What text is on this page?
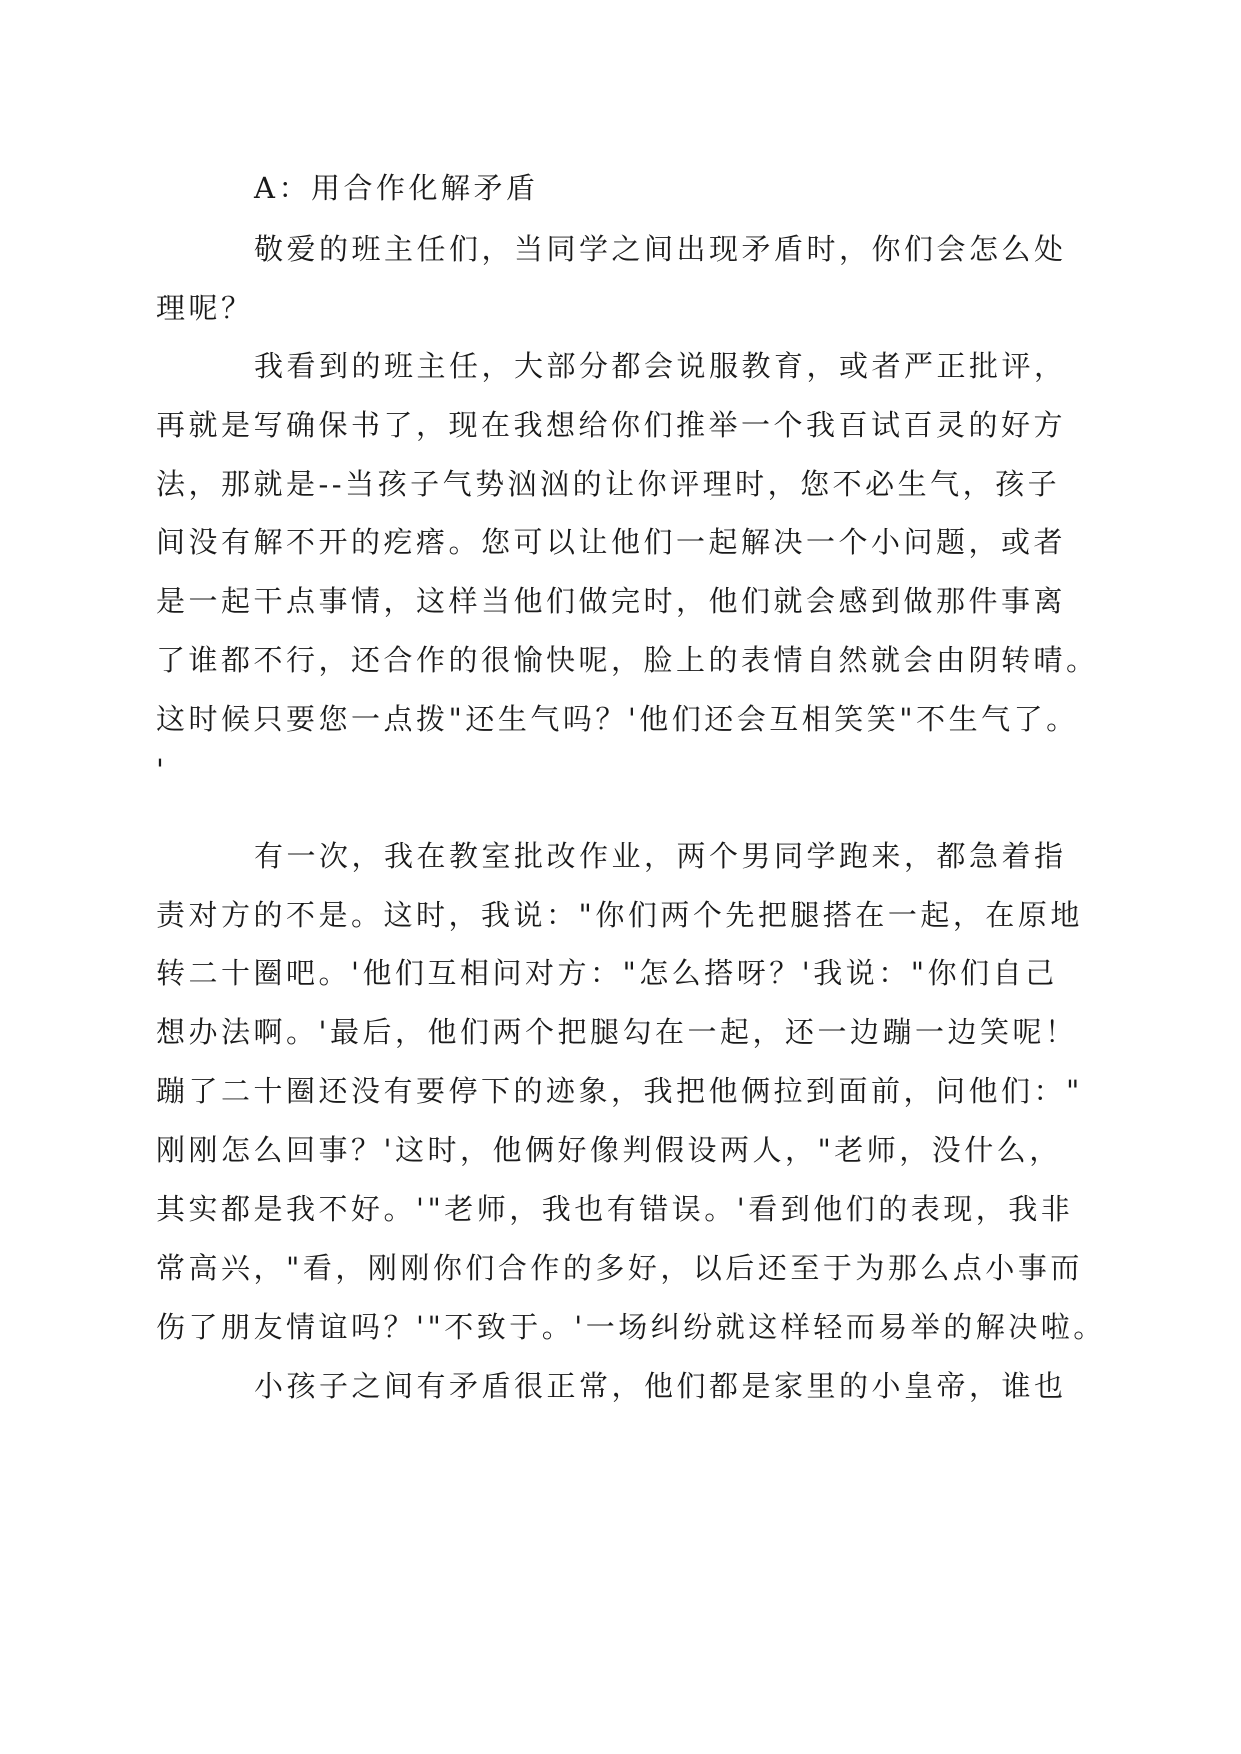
A：用合作化解矛盾
敬爱的班主任们，当同学之间出现矛盾时，你们会怎么处
理呢？
我看到的班主任，大部分都会说服教育，或者严正批评，
再就是写确保书了，现在我想给你们推举一个我百试百灵的好方
法，那就是--当孩子气势汹汹的让你评理时，您不必生气，孩子
间没有解不开的疙瘩。您可以让他们一起解决一个小问题，或者
是一起干点事情，这样当他们做完时，他们就会感到做那件事离
了谁都不行，还合作的很愉快呢，脸上的表情自然就会由阴转晴。
这时候只要您一点拨"还生气吗？'他们还会互相笑笑"不生气了。
'
有一次，我在教室批改作业，两个男同学跑来，都急着指
责对方的不是。这时，我说："你们两个先把腿搭在一起，在原地
转二十圈吧。'他们互相问对方："怎么搭呀？'我说："你们自己
想办法啊。'最后，他们两个把腿勾在一起，还一边蹦一边笑呢！
蹦了二十圈还没有要停下的迹象，我把他俩拉到面前，问他们："
刚刚怎么回事？'这时，他俩好像判假设两人，"老师，没什么，
其实都是我不好。'"老师，我也有错误。'看到他们的表现，我非
常高兴，"看，刚刚你们合作的多好，以后还至于为那么点小事而
伤了朋友情谊吗？'"不致于。'一场纠纷就这样轻而易举的解决啦。
小孩子之间有矛盾很正常，他们都是家里的小皇帝，谁也
